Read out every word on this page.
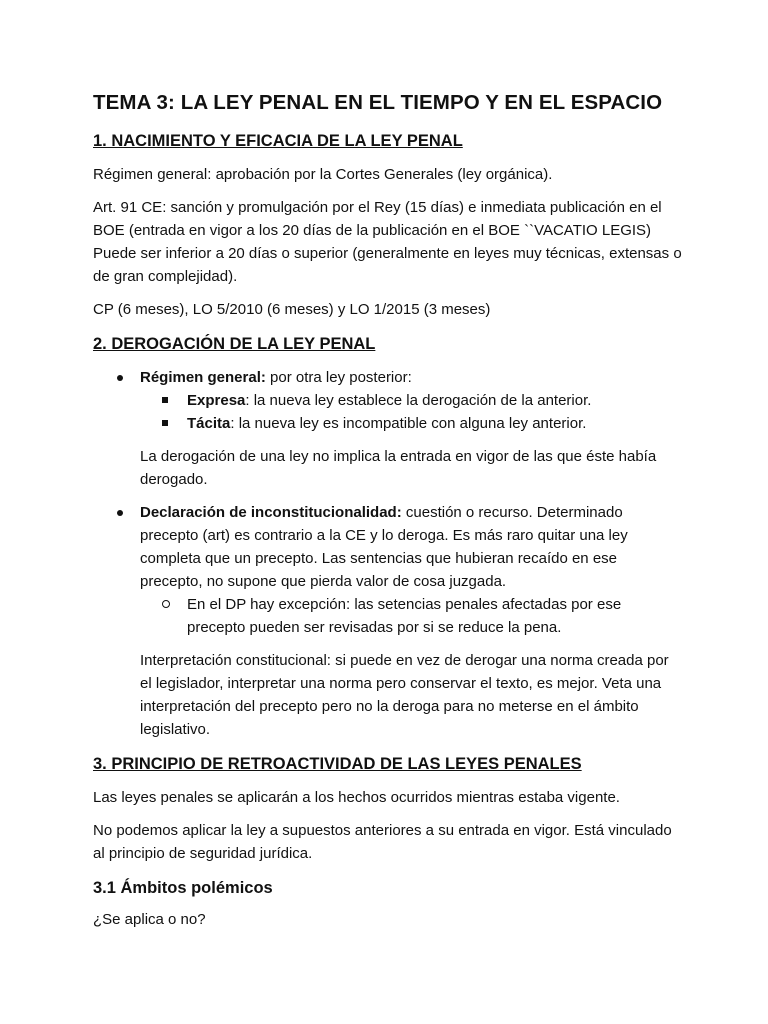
TEMA 3: LA LEY PENAL EN EL TIEMPO Y EN EL ESPACIO
1. NACIMIENTO Y EFICACIA DE LA LEY PENAL

Régimen general: aprobación por la Cortes Generales (ley orgánica).

Art. 91 CE: sanción y promulgación por el Rey (15 días) e inmediata publicación en el BOE (entrada en vigor a los 20 días de la publicación en el BOE ``VACATIO LEGIS) Puede ser inferior a 20 días o superior (generalmente en leyes muy técnicas, extensas o de gran complejidad).

CP (6 meses), LO 5/2010 (6 meses) y LO 1/2015 (3 meses)

2. DEROGACIÓN DE LA LEY PENAL
Régimen general: por otra ley posterior:
Expresa: la nueva ley establece la derogación de la anterior.
Tácita: la nueva ley es incompatible con alguna ley anterior.

La derogación de una ley no implica la entrada en vigor de las que éste había derogado.

Declaración de inconstitucionalidad: cuestión o recurso. Determinado precepto (art) es contrario a la CE y lo deroga. Es más raro quitar una ley completa que un precepto. Las sentencias que hubieran recaído en ese precepto, no supone que pierda valor de cosa juzgada.
En el DP hay excepción: las setencias penales afectadas por ese precepto pueden ser revisadas por si se reduce la pena.

Interpretación constitucional: si puede en vez de derogar una norma creada por el legislador, interpretar una norma pero conservar el texto, es mejor. Veta una interpretación del precepto pero no la deroga para no meterse en el ámbito legislativo.

3. PRINCIPIO DE RETROACTIVIDAD DE LAS LEYES PENALES

Las leyes penales se aplicarán a los hechos ocurridos mientras estaba vigente.

No podemos aplicar la ley a supuestos anteriores a su entrada en vigor. Está vinculado al principio de seguridad jurídica.

3.1 Ámbitos polémicos

¿Se aplica o no?
